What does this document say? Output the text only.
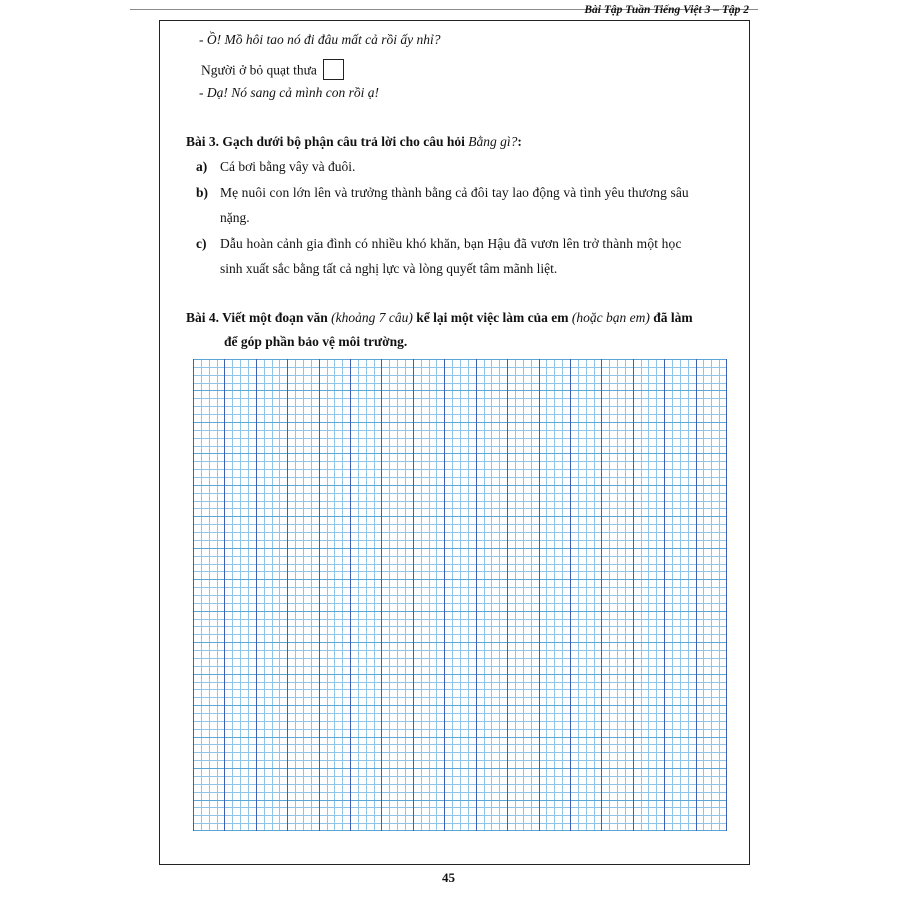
Bài Tập Tuần Tiếng Việt 3 – Tập 2
- Ồ! Mồ hôi tao nó đi đâu mất cả rồi ấy nhỉ?
Người ở bỏ quạt thưa
- Dạ! Nó sang cả mình con rồi ạ!
Bài 3. Gạch dưới bộ phận câu trả lời cho câu hỏi Bằng gì?:
a) Cá bơi bằng vây và đuôi.
b) Mẹ nuôi con lớn lên và trưởng thành bằng cả đôi tay lao động và tình yêu thương sâu
nặng.
c) Dẫu hoàn cảnh gia đình có nhiều khó khăn, bạn Hậu đã vươn lên trở thành một học
sinh xuất sắc bằng tất cả nghị lực và lòng quyết tâm mãnh liệt.
Bài 4. Viết một đoạn văn (khoảng 7 câu) kể lại một việc làm của em (hoặc bạn em) đã làm
để góp phần bảo vệ môi trường.
45
